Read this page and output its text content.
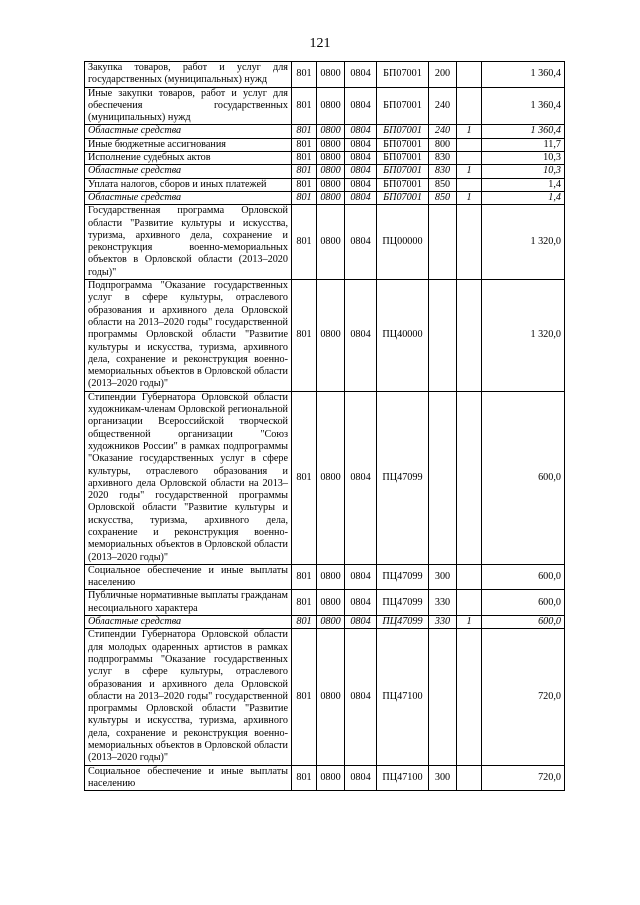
121
Закупка товаров, работ и услуг для государственных (муниципальных) нужд	801	0800	0804	БП07001	200		1 360,4
Иные закупки товаров, работ и услуг для обеспечения государственных (муниципальных) нужд	801	0800	0804	БП07001	240		1 360,4
Областные средства	801	0800	0804	БП07001	240	1	1 360,4
Иные бюджетные ассигнования	801	0800	0804	БП07001	800		11,7
Исполнение судебных актов	801	0800	0804	БП07001	830		10,3
Областные средства	801	0800	0804	БП07001	830	1	10,3
Уплата налогов, сборов и иных платежей	801	0800	0804	БП07001	850		1,4
Областные средства	801	0800	0804	БП07001	850	1	1,4
Государственная программа Орловской области "Развитие культуры и искусства, туризма, архивного дела, сохранение и реконструкция военно-мемориальных объектов в Орловской области (2013–2020 годы)"	801	0800	0804	ПЦ00000			1 320,0
Подпрограмма "Оказание государственных услуг в сфере культуры, отраслевого образования и архивного дела Орловской области на 2013–2020 годы" государственной программы Орловской области "Развитие культуры и искусства, туризма, архивного дела, сохранение и реконструкция военно-мемориальных объектов в Орловской области (2013–2020 годы)"	801	0800	0804	ПЦ40000			1 320,0
Стипендии Губернатора Орловской области художникам-членам Орловской региональной организации Всероссийской творческой общественной организации "Союз художников России" в рамках подпрограммы "Оказание государственных услуг в сфере культуры, отраслевого образования и архивного дела Орловской области на 2013–2020 годы" государственной программы Орловской области "Развитие культуры и искусства, туризма, архивного дела, сохранение и реконструкция военно-мемориальных объектов в Орловской области (2013–2020 годы)"	801	0800	0804	ПЦ47099			600,0
Социальное обеспечение и иные выплаты населению	801	0800	0804	ПЦ47099	300		600,0
Публичные нормативные выплаты гражданам несоциального характера	801	0800	0804	ПЦ47099	330		600,0
Областные средства	801	0800	0804	ПЦ47099	330	1	600,0
Стипендии Губернатора Орловской области для молодых одаренных артистов в рамках подпрограммы "Оказание государственных услуг в сфере культуры, отраслевого образования и архивного дела Орловской области на 2013–2020 годы" государственной программы Орловской области "Развитие культуры и искусства, туризма, архивного дела, сохранение и реконструкция военно-мемориальных объектов в Орловской области (2013–2020 годы)"	801	0800	0804	ПЦ47100			720,0
Социальное обеспечение и иные выплаты населению	801	0800	0804	ПЦ47100	300		720,0
